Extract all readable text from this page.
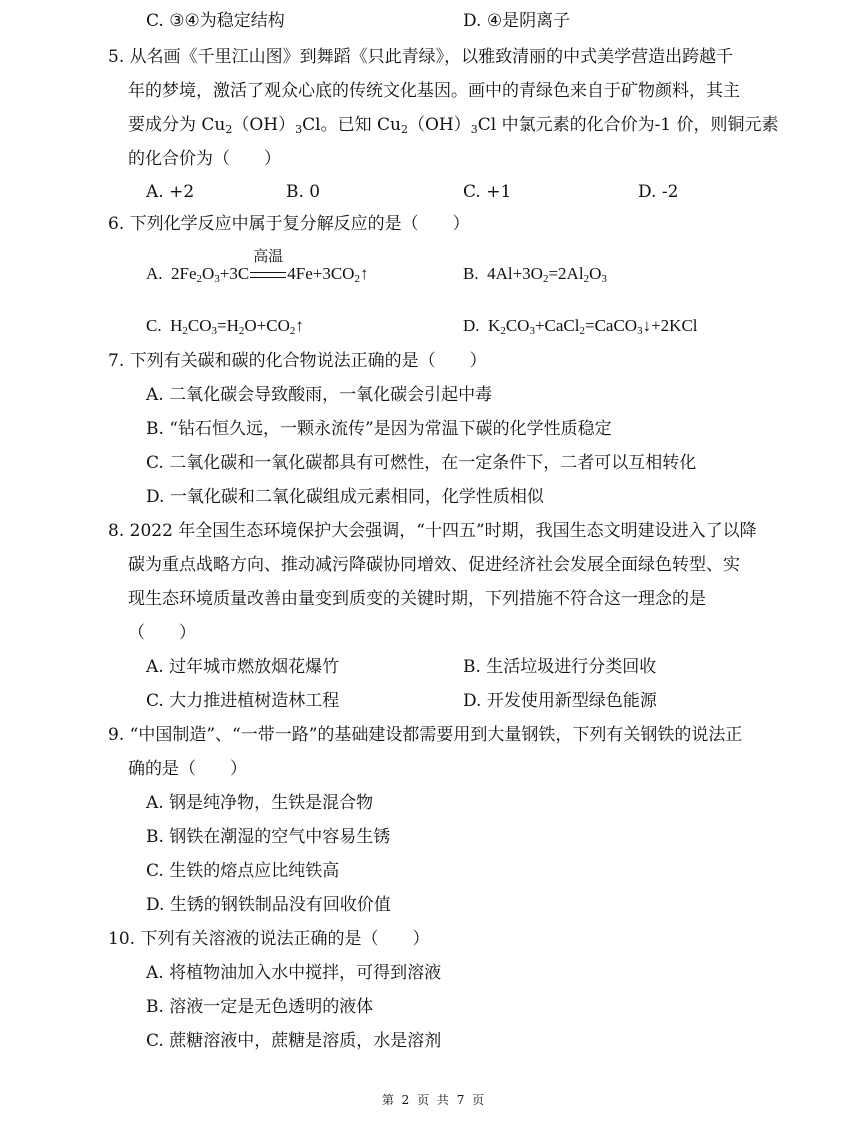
C. ③④为稳定结构	D. ④是阴离子
5. 从名画《千里江山图》到舞蹈《只此青绿》，以雅致清丽的中式美学营造出跨越千
年的梦境，激活了观众心底的传统文化基因。画中的青绿色来自于矿物颜料，其主
要成分为 $Cu_2(OH)_3Cl$。已知 $Cu_2(OH)_3Cl$ 中氯元素的化合价为-1 价，则铜元素
的化合价为（　　）
A. +2	B. 0	C. +1	D. -2
6. 下列化学反应中属于复分解反应的是（　　）
A. $2Fe_2O_3+3C$
高温
$4Fe+3CO_2↑$	B. $4Al+3O_2=2Al_2O_3$
C. $H_2CO_3=H_2O+CO_2↑$	D. $K_2CO_3+CaCl_2=CaCO_3↓+2KCl$
7. 下列有关碳和碳的化合物说法正确的是（　　）
A. 二氧化碳会导致酸雨，一氧化碳会引起中毒
B. “钻石恒久远，一颗永流传”是因为常温下碳的化学性质稳定
C. 二氧化碳和一氧化碳都具有可燃性，在一定条件下，二者可以互相转化
D. 一氧化碳和二氧化碳组成元素相同，化学性质相似
8. 2022 年全国生态环境保护大会强调，“十四五”时期，我国生态文明建设进入了以降
碳为重点战略方向、推动减污降碳协同增效、促进经济社会发展全面绿色转型、实
现生态环境质量改善由量变到质变的关键时期，下列措施不符合这一理念的是
（　　）
A. 过年城市燃放烟花爆竹	B. 生活垃圾进行分类回收
C. 大力推进植树造林工程	D. 开发使用新型绿色能源
9. “中国制造”、“一带一路”的基础建设都需要用到大量钢铁，下列有关钢铁的说法正
确的是（　　）
A. 钢是纯净物，生铁是混合物
B. 钢铁在潮湿的空气中容易生锈
C. 生铁的熔点应比纯铁高
D. 生锈的钢铁制品没有回收价值
10. 下列有关溶液的说法正确的是（　　）
A. 将植物油加入水中搅拌，可得到溶液
B. 溶液一定是无色透明的液体
C. 蔗糖溶液中，蔗糖是溶质，水是溶剂
第 2 页 共 7 页
